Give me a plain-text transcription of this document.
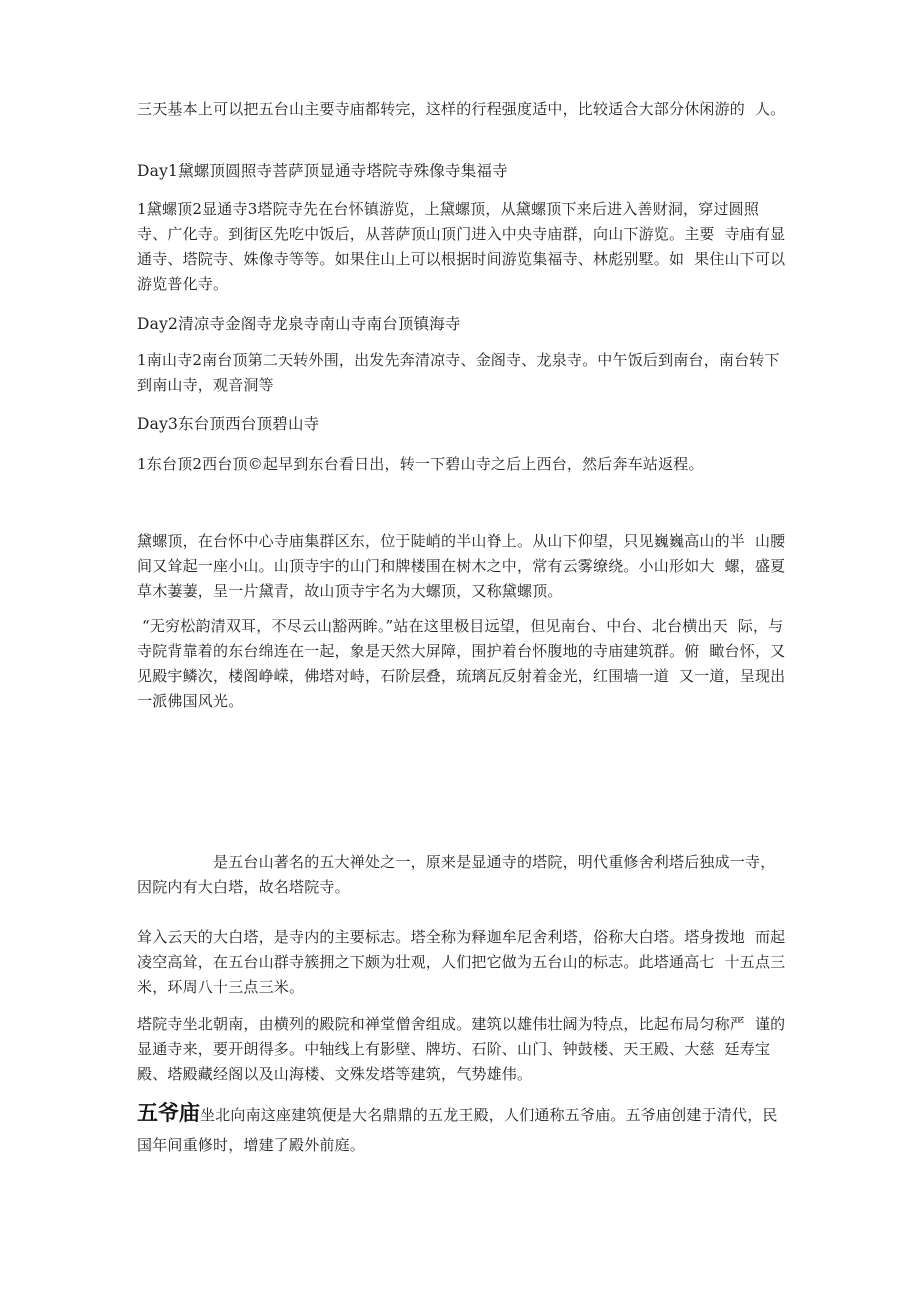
三天基本上可以把五台山主要寺庙都转完，这样的行程强度适中，比较适合大部分休闲游的  人。

Day1黛螺顶圆照寺菩萨顶显通寺塔院寺殊像寺集福寺

1黛螺顶2显通寺3塔院寺先在台怀镇游览，上黛螺顶，从黛螺顶下来后进入善财洞，穿过圆照寺、广化寺。到街区先吃中饭后，从菩萨顶山顶门进入中央寺庙群，向山下游览。主要  寺庙有显通寺、塔院寺、姝像寺等等。如果住山上可以根据时间游览集福寺、林彪别墅。如  果住山下可以游览普化寺。

Day2清凉寺金阁寺龙泉寺南山寺南台顶镇海寺

1南山寺2南台顶第二天转外围，出发先奔清凉寺、金阁寺、龙泉寺。中午饭后到南台，南台转下到南山寺，观音洞等

Day3东台顶西台顶碧山寺

1东台顶2西台顶©起早到东台看日出，转一下碧山寺之后上西台，然后奔车站返程。

黛螺顶，在台怀中心寺庙集群区东，位于陡峭的半山脊上。从山下仰望，只见巍巍高山的半  山腰间又耸起一座小山。山顶寺宇的山门和牌楼围在树木之中，常有云雾缭绕。小山形如大  螺，盛夏草木萋萋，呈一片黛青，故山顶寺宇名为大螺顶，又称黛螺顶。

“无穷松韵清双耳，不尽云山豁两眸。”站在这里极目远望，但见南台、中台、北台横出天  际，与寺院背靠着的东台绵连在一起，象是天然大屏障，围护着台怀腹地的寺庙建筑群。俯  瞰台怀，又见殿宇鳞次，楼阁峥嵘，佛塔对峙，石阶层叠，琉璃瓦反射着金光，红围墙一道  又一道，呈现出一派佛国风光。

是五台山著名的五大禅处之一，原来是显通寺的塔院，明代重修舍利塔后独成一寺，因院内有大白塔，故名塔院寺。

耸入云天的大白塔，是寺内的主要标志。塔全称为释迦牟尼舍利塔，俗称大白塔。塔身拨地  而起凌空高耸，在五台山群寺簇拥之下颇为壮观，人们把它做为五台山的标志。此塔通高七  十五点三米，环周八十三点三米。

塔院寺坐北朝南，由横列的殿院和禅堂僧舍组成。建筑以雄伟壮阔为特点，比起布局匀称严  谨的显通寺来，要开朗得多。中轴线上有影壁、牌坊、石阶、山门、钟鼓楼、天王殿、大慈  廷寿宝殿、塔殿藏经阁以及山海楼、文殊发塔等建筑，气势雄伟。

五爷庙坐北向南这座建筑便是大名鼎鼎的五龙王殿，人们通称五爷庙。五爷庙创建于清代，民国年间重修时，增建了殿外前庭。
